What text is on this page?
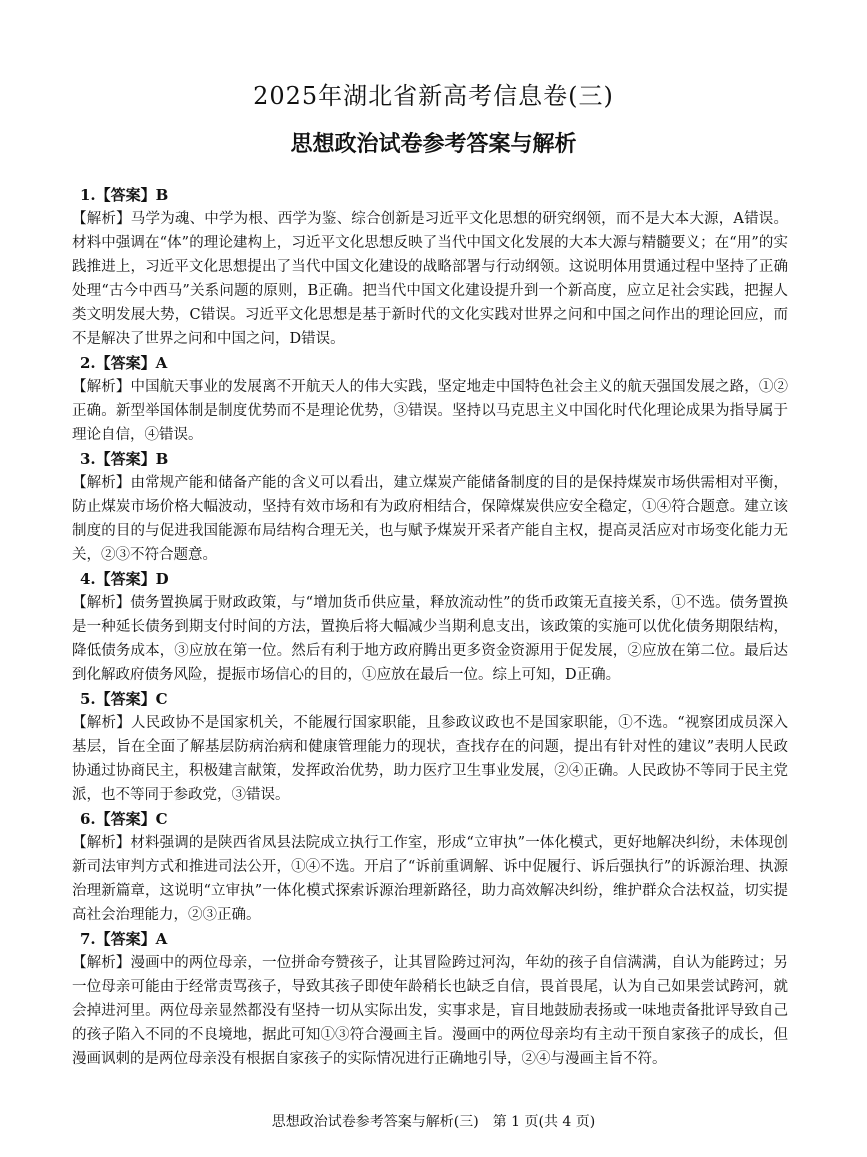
2025年湖北省新高考信息卷(三)
思想政治试卷参考答案与解析
1.【答案】B

【解析】马学为魂、中学为根、西学为鉴、综合创新是习近平文化思想的研究纲领，而不是大本大源，A错误。材料中强调在“体”的理论建构上，习近平文化思想反映了当代中国文化发展的大本大源与精髓要义；在“用”的实践推进上，习近平文化思想提出了当代中国文化建设的战略部署与行动纲领。这说明体用贯通过程中坚持了正确处理“古今中西马”关系问题的原则，B正确。把当代中国文化建设提升到一个新高度，应立足社会实践，把握人类文明发展大势，C错误。习近平文化思想是基于新时代的文化实践对世界之问和中国之问作出的理论回应，而不是解决了世界之问和中国之问，D错误。

2.【答案】A

【解析】中国航天事业的发展离不开航天人的伟大实践，坚定地走中国特色社会主义的航天强国发展之路，①②正确。新型举国体制是制度优势而不是理论优势，③错误。坚持以马克思主义中国化时代化理论成果为指导属于理论自信，④错误。

3.【答案】B

【解析】由常规产能和储备产能的含义可以看出，建立煤炭产能储备制度的目的是保持煤炭市场供需相对平衡，防止煤炭市场价格大幅波动，坚持有效市场和有为政府相结合，保障煤炭供应安全稳定，①④符合题意。建立该制度的目的与促进我国能源布局结构合理无关，也与赋予煤炭开采者产能自主权，提高灵活应对市场变化能力无关，②③不符合题意。

4.【答案】D

【解析】债务置换属于财政政策，与“增加货币供应量，释放流动性”的货币政策无直接关系，①不选。债务置换是一种延长债务到期支付时间的方法，置换后将大幅减少当期利息支出，该政策的实施可以优化债务期限结构，降低债务成本，③应放在第一位。然后有利于地方政府腾出更多资金资源用于促发展，②应放在第二位。最后达到化解政府债务风险，提振市场信心的目的，①应放在最后一位。综上可知，D正确。

5.【答案】C

【解析】人民政协不是国家机关，不能履行国家职能，且参政议政也不是国家职能，①不选。“视察团成员深入基层，旨在全面了解基层防病治病和健康管理能力的现状，查找存在的问题，提出有针对性的建议”表明人民政协通过协商民主，积极建言献策，发挥政治优势，助力医疗卫生事业发展，②④正确。人民政协不等同于民主党派，也不等同于参政党，③错误。

6.【答案】C

【解析】材料强调的是陕西省凤县法院成立执行工作室，形成“立审执”一体化模式，更好地解决纠纷，未体现创新司法审判方式和推进司法公开，①④不选。开启了“诉前重调解、诉中促履行、诉后强执行”的诉源治理、执源治理新篇章，这说明“立审执”一体化模式探索诉源治理新路径，助力高效解决纠纷，维护群众合法权益，切实提高社会治理能力，②③正确。

7.【答案】A

【解析】漫画中的两位母亲，一位拼命夸赞孩子，让其冒险跨过河沟，年幼的孩子自信满满，自认为能跨过；另一位母亲可能由于经常责骂孩子，导致其孩子即使年龄稍长也缺乏自信，畏首畏尾，认为自己如果尝试跨河，就会掉进河里。两位母亲显然都没有坚持一切从实际出发，实事求是，盲目地鼓励表扬或一味地责备批评导致自己的孩子陷入不同的不良境地，据此可知①③符合漫画主旨。漫画中的两位母亲均有主动干预自家孩子的成长，但漫画讽刺的是两位母亲没有根据自家孩子的实际情况进行正确地引导，②④与漫画主旨不符。

思想政治试卷参考答案与解析(三)　第 1 页(共 4 页)
